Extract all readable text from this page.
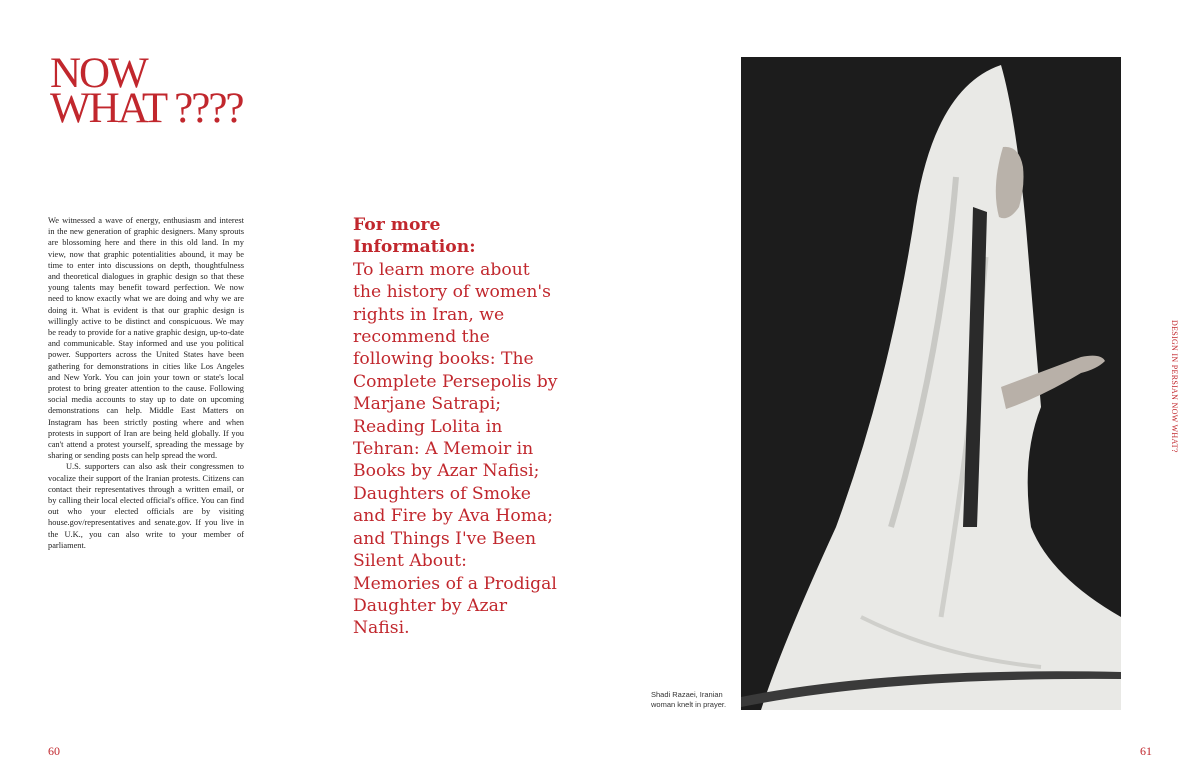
NOW
WHAT ????

We witnessed a wave of energy, enthusiasm and interest in the new generation of graphic designers. Many sprouts are blossoming here and there in this old land. In my view, now that graphic potentialities abound, it may be time to enter into discussions on depth, thoughtfulness and theoretical dialogues in graphic design so that these young talents may benefit toward perfection. We now need to know exactly what we are doing and why we are doing it. What is evident is that our graphic design is willingly active to be distinct and conspicuous. We may be ready to provide for a native graphic design, up-to-date and communicable. Stay informed and use you political power. Supporters across the United States have been gathering for demonstrations in cities like Los Angeles and New York. You can join your town or state's local protest to bring greater attention to the cause. Following social media accounts to stay up to date on upcoming demonstrations can help. Middle East Matters on Instagram has been strictly posting where and when protests in support of Iran are being held globally. If you can't attend a protest yourself, spreading the message by sharing or sending posts can help spread the word.

U.S. supporters can also ask their congressmen to vocalize their support of the Iranian protests. Citizens can contact their representatives through a written email, or by calling their local elected official's office. You can find out who your elected officials are by visiting house.gov/representatives and senate.gov. If you live in the U.K., you can also write to your member of parliament.

For more Information:
To learn more about the history of women's rights in Iran, we recommend the following books: The Complete Persepolis by Marjane Satrapi; Reading Lolita in Tehran: A Memoir in Books by Azar Nafisi; Daughters of Smoke and Fire by Ava Homa; and Things I've Been Silent About: Memories of a Prodigal Daughter by Azar Nafisi.
Shadi Razaei, Iranian woman knelt in prayer.
DESIGN IN PERSIAN NOW WHAT?
60	61
